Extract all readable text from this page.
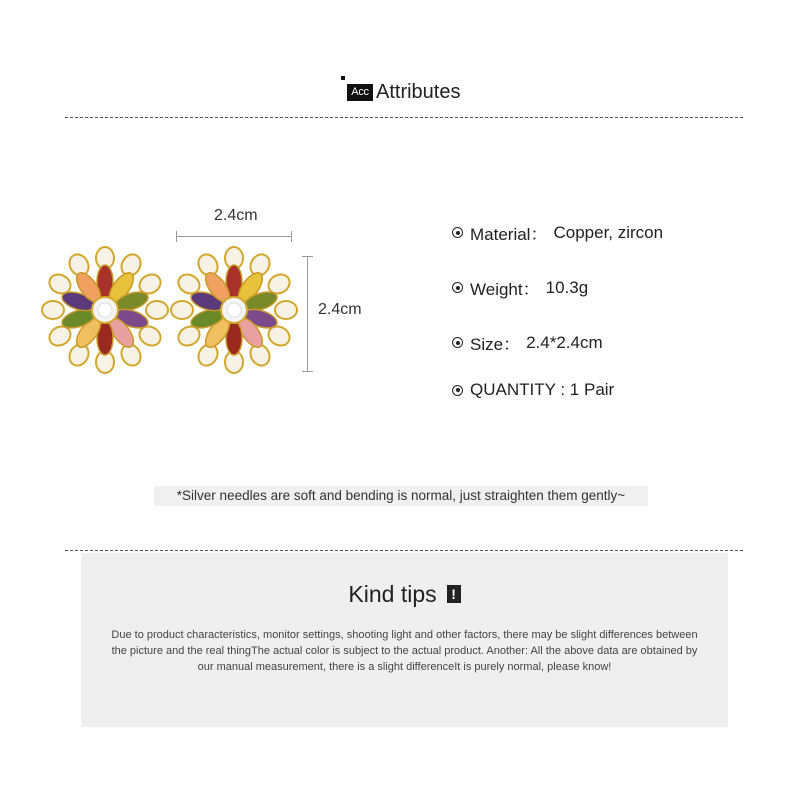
Acc Attributes
2.4cm
2.4cm
Material： Copper, zircon
Weight： 10.3g
Size： 2.4*2.4cm
QUANTITY : 1 Pair
*Silver needles are soft and bending is normal, just straighten them gently~
Kind tips !
Due to product characteristics, monitor settings, shooting light and other factors, there may be slight differences between the picture and the real thingThe actual color is subject to the actual product. Another: All the above data are obtained by our manual measurement, there is a slight differenceIt is purely normal, please know!
